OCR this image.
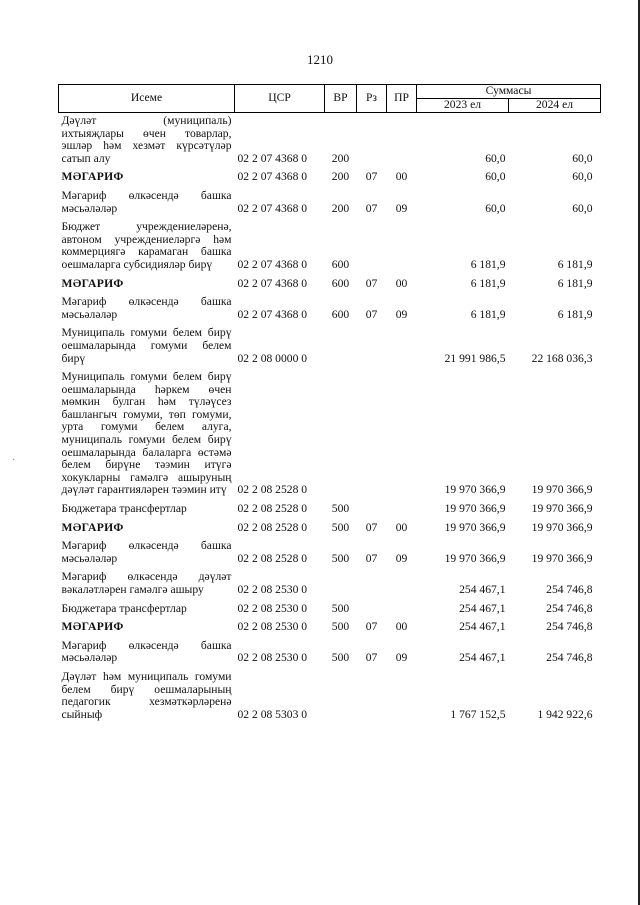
1210
·
Исеме	ЦСР	ВР	Рз	ПР	Суммасы	
					2023 ел	2024 ел
Дәүләт (муниципаль) ихтыяҗлары өчен товарлар, эшләр һәм хезмәт күрсәтүләр сатып алу	02 2 07 4368 0	200			60,0	60,0
МӘГАРИФ	02 2 07 4368 0	200	07	00	60,0	60,0
Мәгариф өлкәсендә башка мәсьәләләр	02 2 07 4368 0	200	07	09	60,0	60,0
Бюджет учреждениеләренә, автоном учреждениеләргә һәм коммерциягә карамаган башка оешмаларга субсидияләр бирү	02 2 07 4368 0	600			6 181,9	6 181,9
МӘГАРИФ	02 2 07 4368 0	600	07	00	6 181,9	6 181,9
Мәгариф өлкәсендә башка мәсьәләләр	02 2 07 4368 0	600	07	09	6 181,9	6 181,9
Муниципаль гомуми белем бирү оешмаларында гомуми белем бирү	02 2 08 0000 0				21 991 986,5	22 168 036,3
Муниципаль гомуми белем бирү оешмаларында һәркем өчен мөмкин булган һәм түләүсез башлангыч гомуми, төп гомуми, урта гомуми белем алуга, муниципаль гомуми белем бирү оешмаларында балаларга өстәмә белем бирүне тәэмин итүгә хокукларны гамәлгә ашыруның дәүләт гарантияләрен тәэмин итү	02 2 08 2528 0				19 970 366,9	19 970 366,9
Бюджетара трансфертлар	02 2 08 2528 0	500			19 970 366,9	19 970 366,9
МӘГАРИФ	02 2 08 2528 0	500	07	00	19 970 366,9	19 970 366,9
Мәгариф өлкәсендә башка мәсьәләләр	02 2 08 2528 0	500	07	09	19 970 366,9	19 970 366,9
Мәгариф өлкәсендә дәүләт вәкаләтләрен гамәлгә ашыру	02 2 08 2530 0				254 467,1	254 746,8
Бюджетара трансфертлар	02 2 08 2530 0	500			254 467,1	254 746,8
МӘГАРИФ	02 2 08 2530 0	500	07	00	254 467,1	254 746,8
Мәгариф өлкәсендә башка мәсьәләләр	02 2 08 2530 0	500	07	09	254 467,1	254 746,8
Дәүләт һәм муниципаль гомуми белем бирү оешмаларының педагогик хезмәткәрләренә сыйныф	02 2 08 5303 0				1 767 152,5	1 942 922,6
